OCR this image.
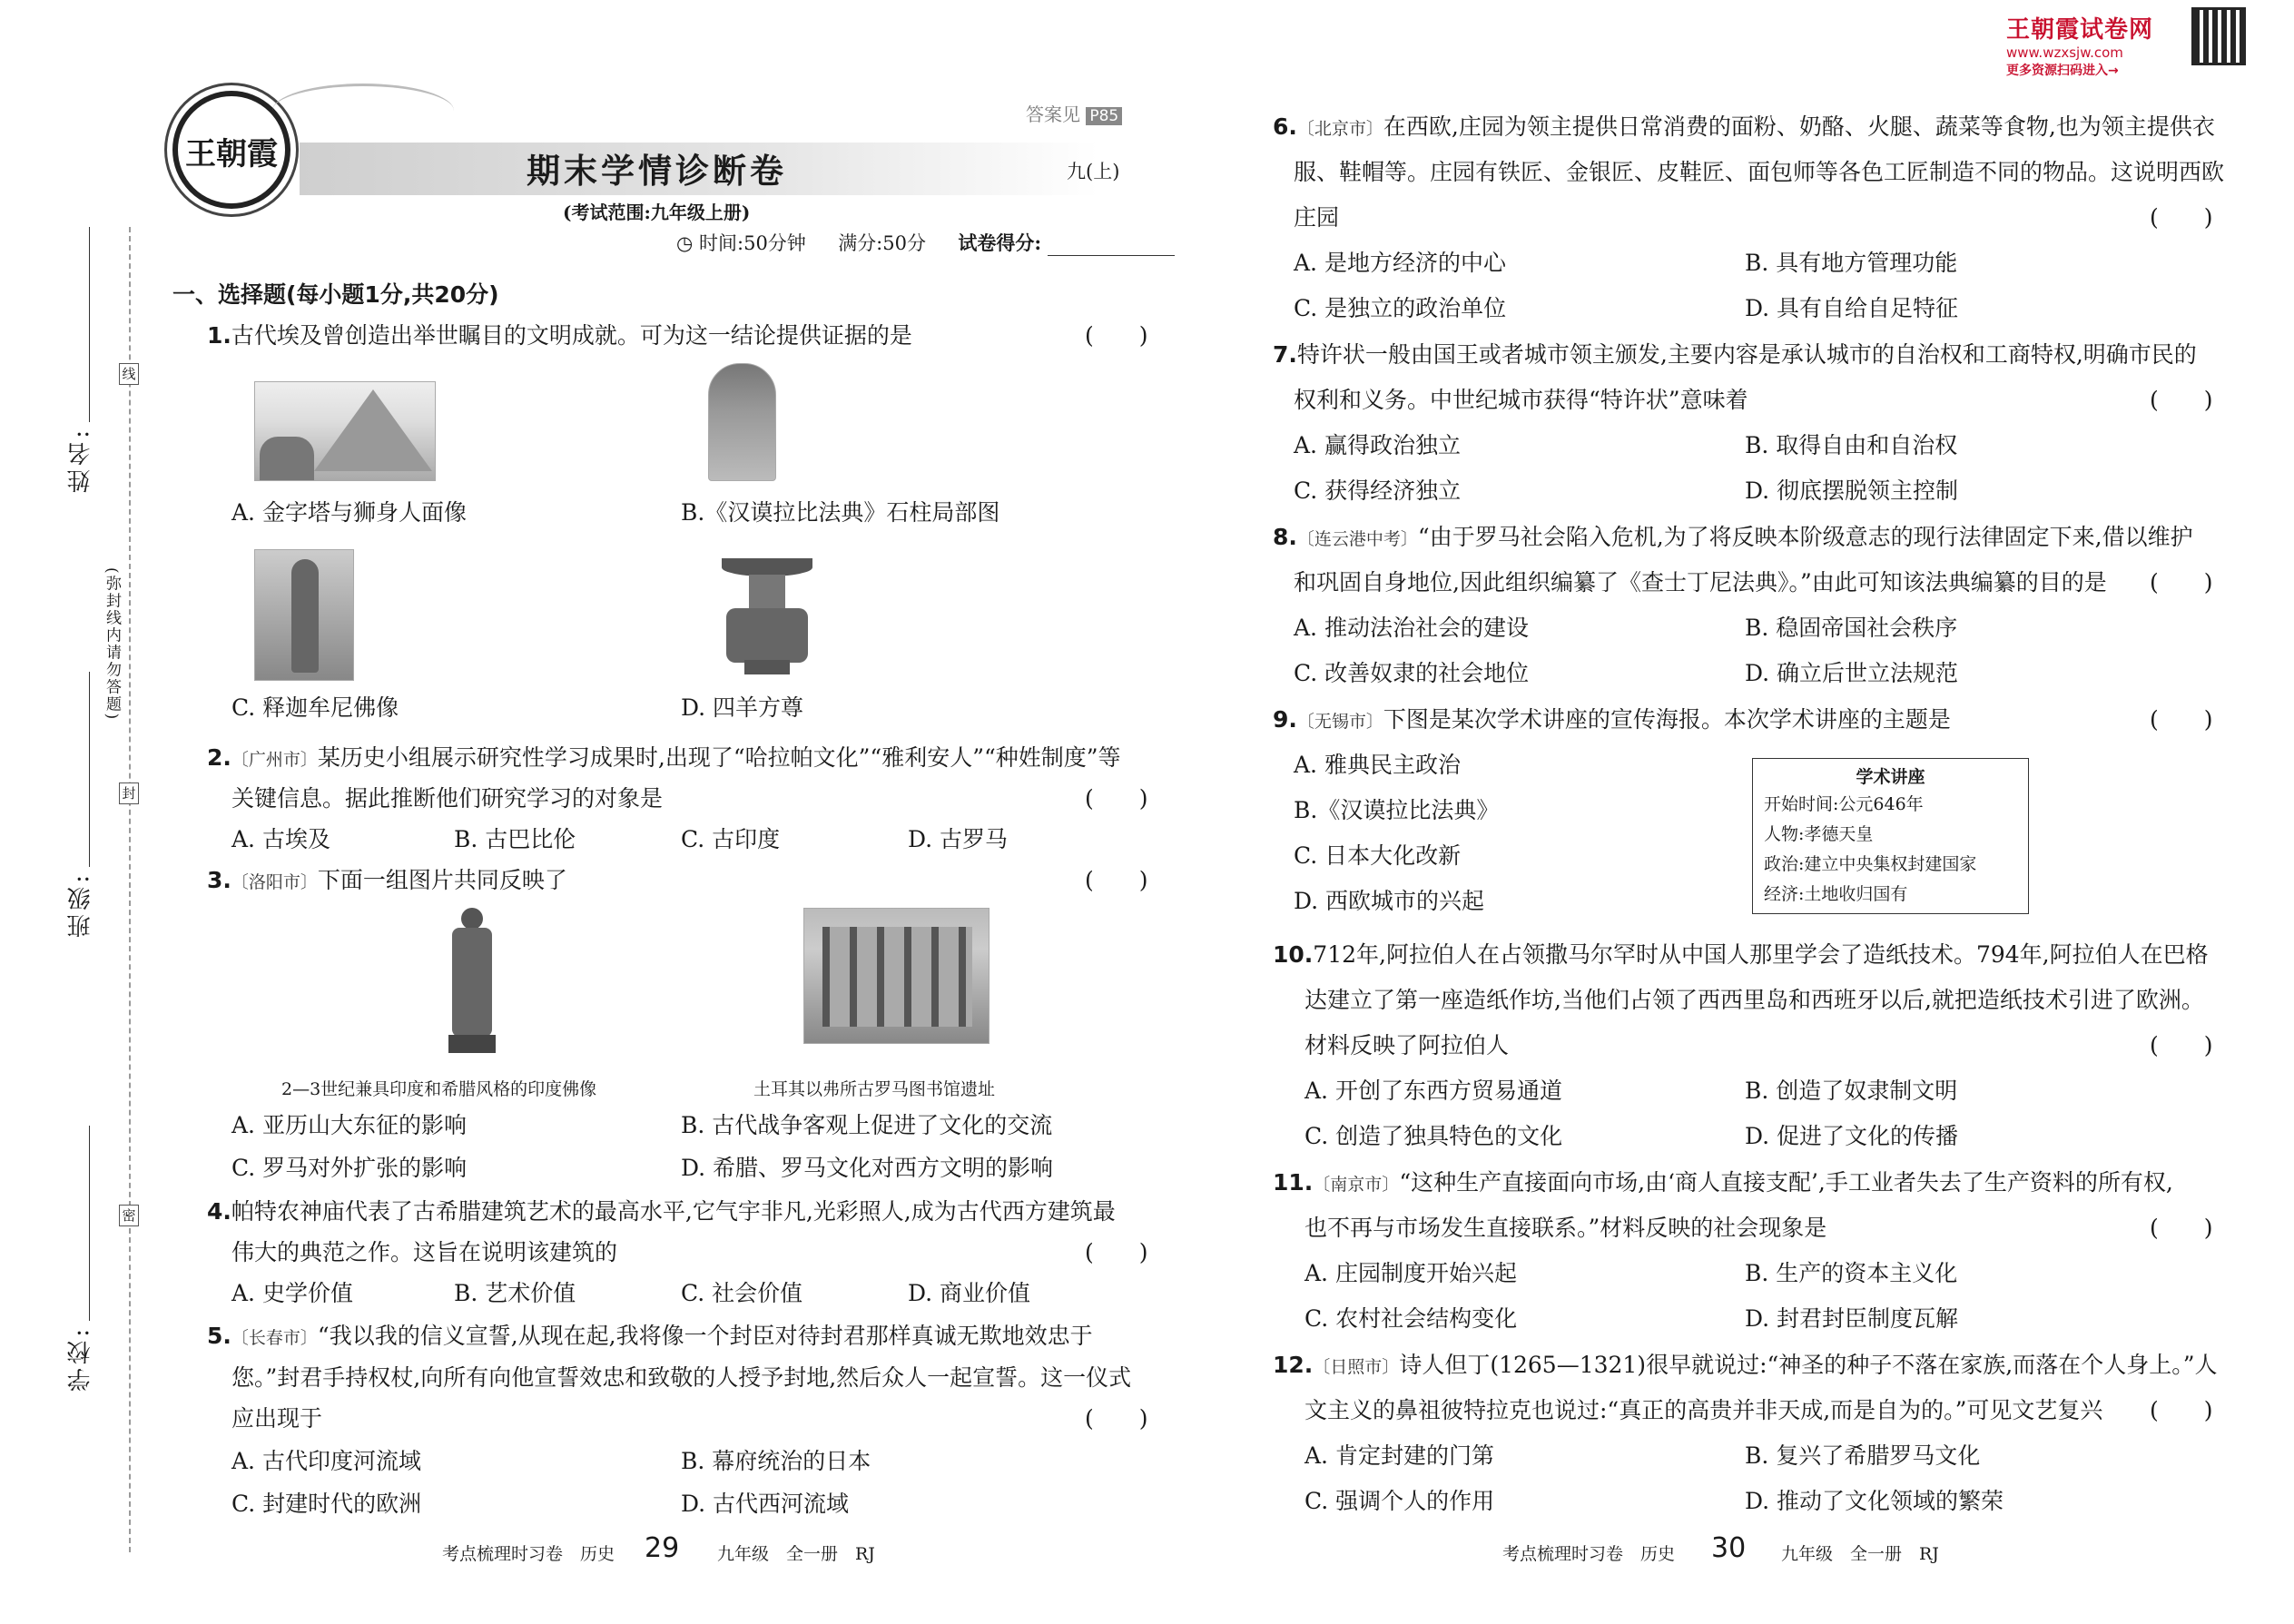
王朝霞试卷网
www.wzxsjw.com
更多资源扫码进入→
姓名:
班级:
学校:
(弥封线内请勿答题)
线
封
密
王朝霞
答案见 P85
期末学情诊断卷	九(上)
(考试范围:九年级上册)
◷ 时间:50分钟 满分:50分 试卷得分:
一、选择题(每小题1分,共20分)
1.古代埃及曾创造出举世瞩目的文明成就。可为这一结论提供证据的是	(　　)
A. 金字塔与狮身人面像	B.《汉谟拉比法典》石柱局部图
C. 释迦牟尼佛像	D. 四羊方尊
2.〔广州市〕某历史小组展示研究性学习成果时,出现了“哈拉帕文化”“雅利安人”“种姓制度”等
关键信息。据此推断他们研究学习的对象是	(　　)
A. 古埃及	B. 古巴比伦	C. 古印度	D. 古罗马
3.〔洛阳市〕下面一组图片共同反映了	(　　)
2—3世纪兼具印度和希腊风格的印度佛像	土耳其以弗所古罗马图书馆遗址
A. 亚历山大东征的影响	B. 古代战争客观上促进了文化的交流
C. 罗马对外扩张的影响	D. 希腊、罗马文化对西方文明的影响
4.帕特农神庙代表了古希腊建筑艺术的最高水平,它气宇非凡,光彩照人,成为古代西方建筑最
伟大的典范之作。这旨在说明该建筑的	(　　)
A. 史学价值	B. 艺术价值	C. 社会价值	D. 商业价值
5.〔长春市〕“我以我的信义宣誓,从现在起,我将像一个封臣对待封君那样真诚无欺地效忠于
您。”封君手持权杖,向所有向他宣誓效忠和致敬的人授予封地,然后众人一起宣誓。这一仪式
应出现于	(　　)
A. 古代印度河流域	B. 幕府统治的日本
C. 封建时代的欧洲	D. 古代西河流域
考点梳理时习卷　历史 29 九年级　全一册　RJ
6.〔北京市〕在西欧,庄园为领主提供日常消费的面粉、奶酪、火腿、蔬菜等食物,也为领主提供衣
服、鞋帽等。庄园有铁匠、金银匠、皮鞋匠、面包师等各色工匠制造不同的物品。这说明西欧
庄园	(　　)
A. 是地方经济的中心	B. 具有地方管理功能
C. 是独立的政治单位	D. 具有自给自足特征
7.特许状一般由国王或者城市领主颁发,主要内容是承认城市的自治权和工商特权,明确市民的
权利和义务。中世纪城市获得“特许状”意味着	(　　)
A. 赢得政治独立	B. 取得自由和自治权
C. 获得经济独立	D. 彻底摆脱领主控制
8.〔连云港中考〕“由于罗马社会陷入危机,为了将反映本阶级意志的现行法律固定下来,借以维护
和巩固自身地位,因此组织编纂了《查士丁尼法典》。”由此可知该法典编纂的目的是 (　　)
A. 推动法治社会的建设	B. 稳固帝国社会秩序
C. 改善奴隶的社会地位	D. 确立后世立法规范
9.〔无锡市〕下图是某次学术讲座的宣传海报。本次学术讲座的主题是	(　　)
A. 雅典民主政治
B.《汉谟拉比法典》
C. 日本大化改新
D. 西欧城市的兴起
学术讲座
开始时间:公元646年
人物:孝德天皇
政治:建立中央集权封建国家
经济:土地收归国有
10.712年,阿拉伯人在占领撒马尔罕时从中国人那里学会了造纸技术。794年,阿拉伯人在巴格
达建立了第一座造纸作坊,当他们占领了西西里岛和西班牙以后,就把造纸技术引进了欧洲。
材料反映了阿拉伯人	(　　)
A. 开创了东西方贸易通道	B. 创造了奴隶制文明
C. 创造了独具特色的文化	D. 促进了文化的传播
11.〔南京市〕“这种生产直接面向市场,由‘商人直接支配’,手工业者失去了生产资料的所有权,
也不再与市场发生直接联系。”材料反映的社会现象是	(　　)
A. 庄园制度开始兴起	B. 生产的资本主义化
C. 农村社会结构变化	D. 封君封臣制度瓦解
12.〔日照市〕诗人但丁(1265—1321)很早就说过:“神圣的种子不落在家族,而落在个人身上。”人
文主义的鼻祖彼特拉克也说过:“真正的高贵并非天成,而是自为的。”可见文艺复兴 (　　)
A. 肯定封建的门第	B. 复兴了希腊罗马文化
C. 强调个人的作用	D. 推动了文化领域的繁荣
考点梳理时习卷　历史 30 九年级　全一册　RJ
